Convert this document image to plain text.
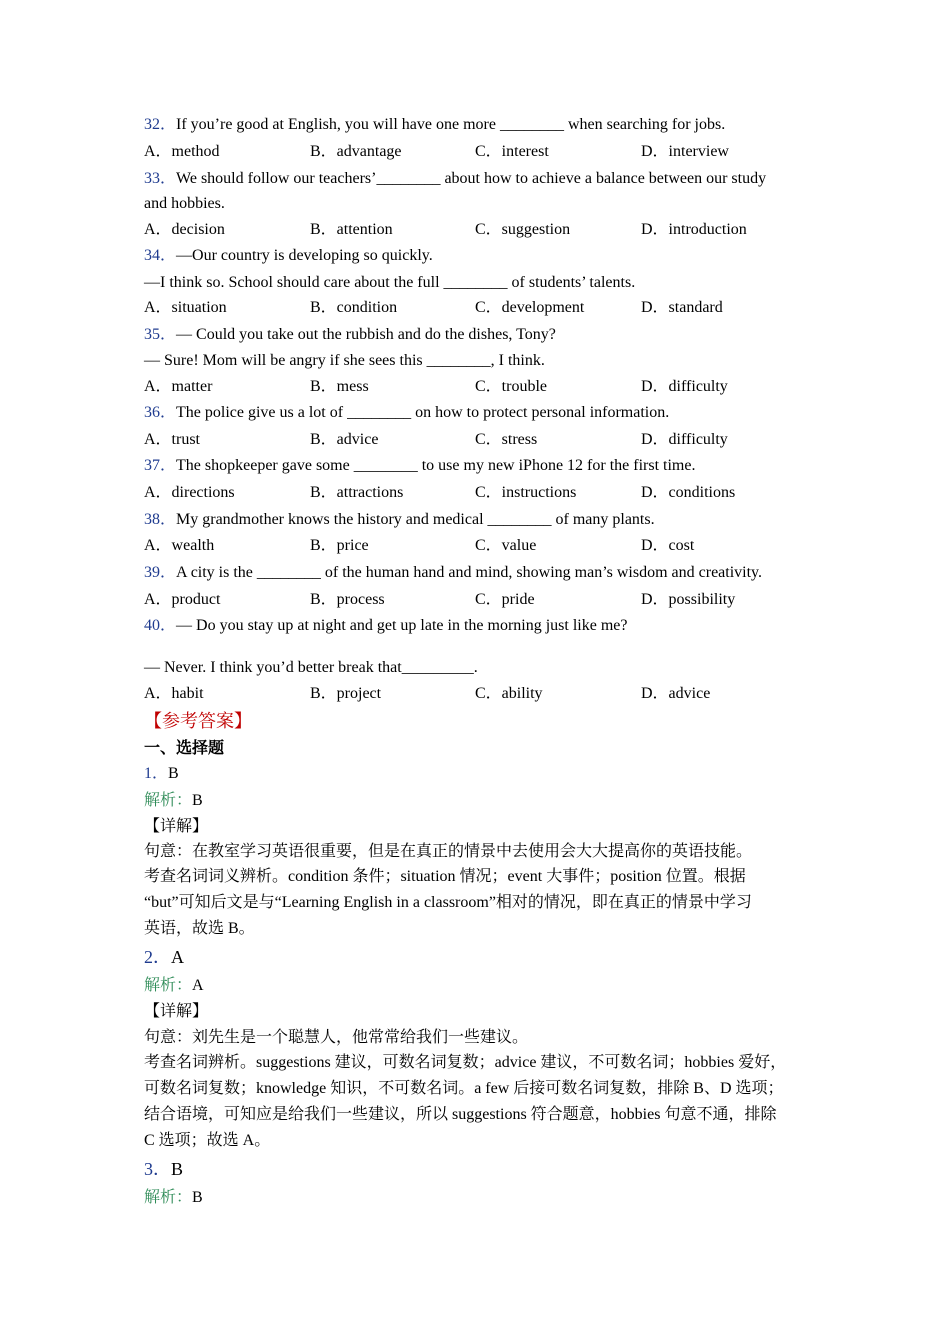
32．If you’re good at English, you will have one more ________ when searching for jobs.
A．method	B．advantage	C．interest	D．interview
33．We should follow our teachers’________ about how to achieve a balance between our study
and hobbies.
A．decision	B．attention	C．suggestion	D．introduction
34．—Our country is developing so quickly.
—I think so. School should care about the full ________ of students’ talents.
A．situation	B．condition	C．development	D．standard
35．— Could you take out the rubbish and do the dishes, Tony?
— Sure! Mom will be angry if she sees this ________, I think.
A．matter	B．mess	C．trouble	D．difficulty
36．The police give us a lot of ________ on how to protect personal information.
A．trust	B．advice	C．stress	D．difficulty
37．The shopkeeper gave some ________ to use my new iPhone 12 for the first time.
A．directions	B．attractions	C．instructions	D．conditions
38．My grandmother knows the history and medical ________ of many plants.
A．wealth	B．price	C．value	D．cost
39．A city is the ________ of the human hand and mind, showing man’s wisdom and creativity.
A．product	B．process	C．pride	D．possibility
40．— Do you stay up at night and get up late in the morning just like me?
— Never. I think you’d better break that_________.
A．habit	B．project	C．ability	D．advice
【参考答案】
一、选择题
1．B
解析：B
【详解】
句意：在教室学习英语很重要，但是在真正的情景中去使用会大大提高你的英语技能。
考查名词词义辨析。condition 条件；situation 情况；event 大事件；position 位置。根据
“but”可知后文是与“Learning English in a classroom”相对的情况，即在真正的情景中学习
英语，故选 B。
2．A
解析：A
【详解】
句意：刘先生是一个聪慧人，他常常给我们一些建议。
考查名词辨析。suggestions 建议，可数名词复数；advice 建议，不可数名词；hobbies 爱好，
可数名词复数；knowledge 知识，不可数名词。a few 后接可数名词复数，排除 B、D 选项；
结合语境，可知应是给我们一些建议，所以 suggestions 符合题意，hobbies 句意不通，排除
C 选项；故选 A。
3．B
解析：B
